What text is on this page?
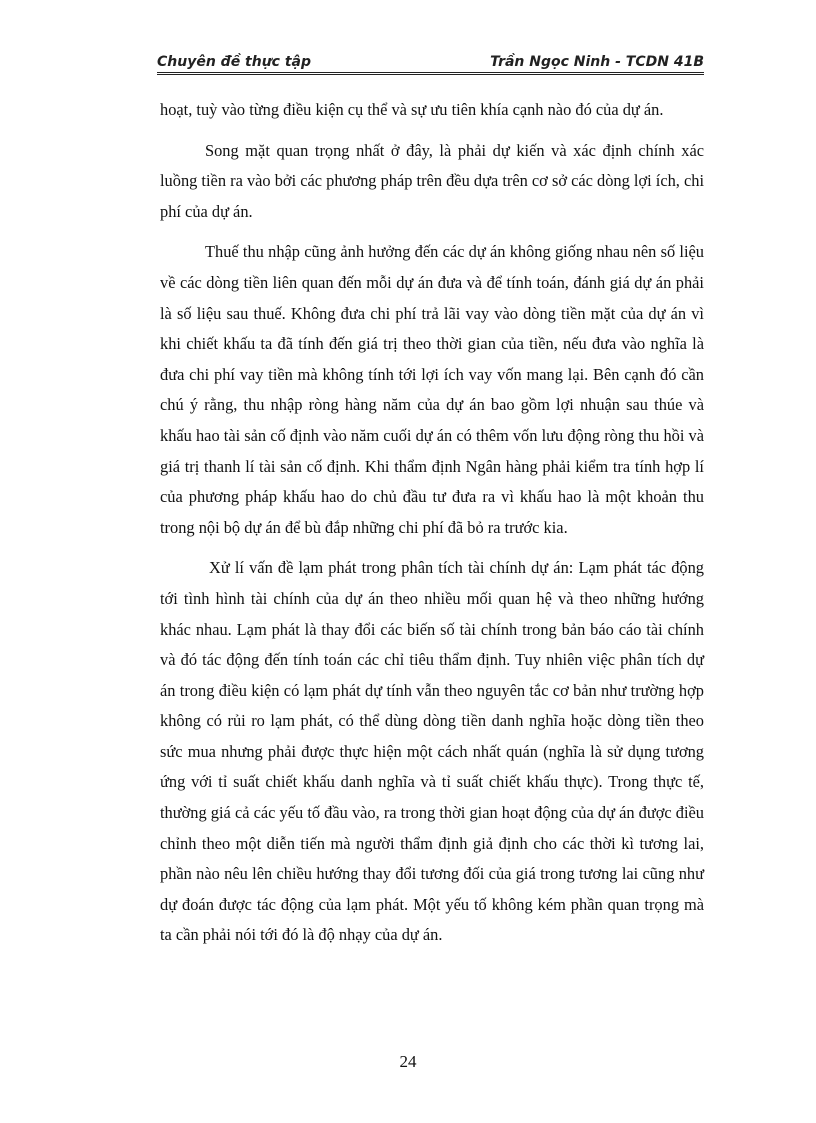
Chuyên đề thực tập	Trần Ngọc Ninh - TCDN 41B

hoạt, tuỳ vào từng điều kiện cụ thể và sự ưu tiên khía cạnh nào đó của dự án.

Song mặt quan trọng nhất ở đây, là phải dự kiến và xác định chính xác luồng tiền ra vào bởi các phương pháp trên đều dựa trên cơ sở các dòng lợi ích, chi phí của dự án.

Thuế thu nhập cũng ảnh hưởng đến các dự án không giống nhau nên số liệu về các dòng tiền liên quan đến mỗi dự án đưa và để tính toán, đánh giá dự án phải là số liệu sau thuế. Không đưa chi phí trả lãi vay vào dòng tiền mặt của dự án vì khi chiết khấu ta đã tính đến giá trị theo thời gian của tiền, nếu đưa vào nghĩa là đưa chi phí vay tiền mà không tính tới lợi ích vay vốn mang lại. Bên cạnh đó cần chú ý rằng, thu nhập ròng hàng năm của dự án bao gồm lợi nhuận sau thúe và khấu hao tài sản cố định vào năm cuối dự án có thêm vốn lưu động ròng thu hồi và giá trị thanh lí tài sản cố định. Khi thẩm định Ngân hàng phải kiểm tra tính hợp lí của phương pháp khấu hao do chủ đầu tư đưa ra vì khấu hao là một khoản thu trong nội bộ dự án để bù đắp những chi phí đã bỏ ra trước kia.

Xử lí vấn đề lạm phát trong phân tích tài chính dự án: Lạm phát tác động tới tình hình tài chính của dự án theo nhiều mối quan hệ và theo những hướng khác nhau. Lạm phát là thay đổi các biến số tài chính trong bản báo cáo tài chính và đó tác động đến tính toán các chỉ tiêu thẩm định. Tuy nhiên việc phân tích dự án trong điều kiện có lạm phát dự tính vẫn theo nguyên tắc cơ bản như trường hợp không có rủi ro lạm phát, có thể dùng dòng tiền danh nghĩa hoặc dòng tiền theo sức mua nhưng phải được thực hiện một cách nhất quán (nghĩa là sử dụng tương ứng với tỉ suất chiết khấu danh nghĩa và tỉ suất chiết khấu thực). Trong thực tế, thường giá cả các yếu tố đầu vào, ra trong thời gian hoạt động của dự án được điều chỉnh theo một diễn tiến mà người thẩm định giả định cho các thời kì tương lai, phần nào nêu lên chiều hướng thay đổi tương đối của giá trong tương lai cũng như dự đoán được tác động của lạm phát. Một yếu tố không kém phần quan trọng mà ta cần phải nói tới đó là độ nhạy của dự án.

24
